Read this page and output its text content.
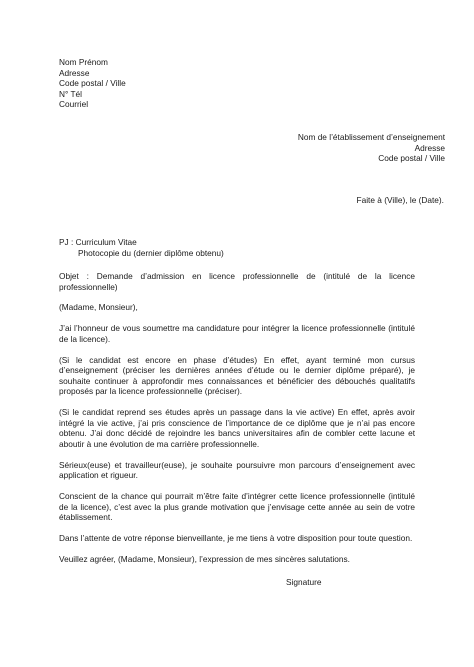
Nom Prénom
Adresse
Code postal / Ville
N° Tél
Courriel
Nom de l’établissement d’enseignement
Adresse
Code postal / Ville
Faite à (Ville), le (Date).
PJ : Curriculum Vitae
Photocopie du (dernier diplôme obtenu)

Objet : Demande d’admission en licence professionnelle de (intitulé de la licence professionnelle)

(Madame, Monsieur),

J’ai l’honneur de vous soumettre ma candidature pour intégrer la licence professionnelle (intitulé de la licence).

(Si le candidat est encore en phase d’études) En effet, ayant terminé mon cursus d’enseignement (préciser les dernières années d’étude ou le dernier diplôme préparé), je souhaite continuer à approfondir mes connaissances et bénéficier des débouchés qualitatifs proposés par la licence professionnelle (préciser).

(Si le candidat reprend ses études après un passage dans la vie active) En effet, après avoir intégré la vie active, j’ai pris conscience de l’importance de ce diplôme que je n’ai pas encore obtenu. J’ai donc décidé de rejoindre les bancs universitaires afin de combler cette lacune et aboutir à une évolution de ma carrière professionnelle.

Sérieux(euse) et travailleur(euse), je souhaite poursuivre mon parcours d’enseignement avec application et rigueur.

Conscient de la chance qui pourrait m’être faite d’intégrer cette licence professionnelle (intitulé de la licence), c’est avec la plus grande motivation que j’envisage cette année au sein de votre établissement.

Dans l’attente de votre réponse bienveillante, je me tiens à votre disposition pour toute question.

Veuillez agréer, (Madame, Monsieur), l’expression de mes sincères salutations.

Signature
